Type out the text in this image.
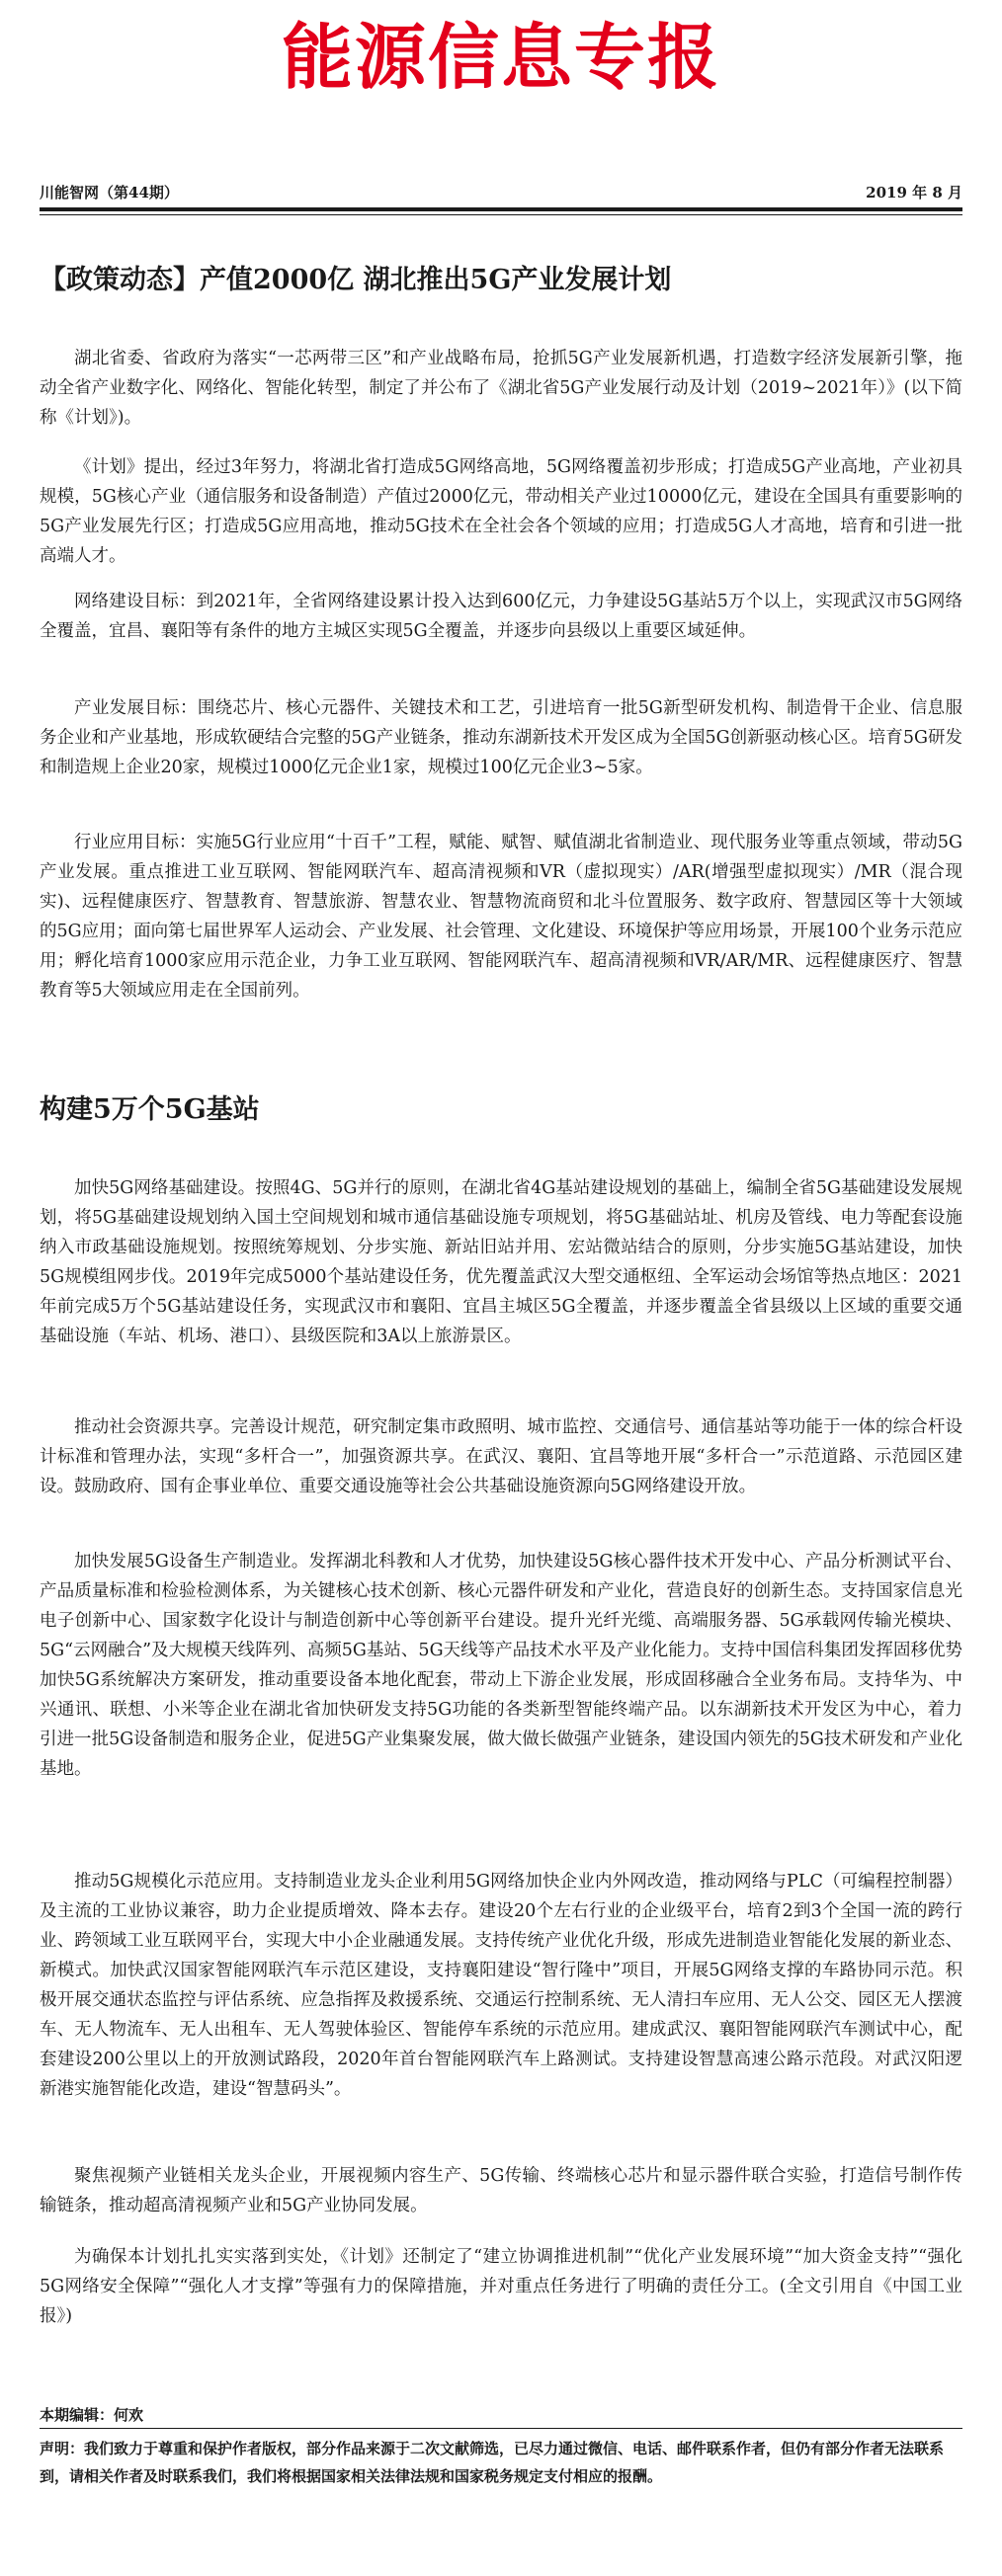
能源信息专报
川能智网（第44期）	2019 年 8 月
【政策动态】产值2000亿 湖北推出5G产业发展计划

湖北省委、省政府为落实“一芯两带三区”和产业战略布局，抢抓5G产业发展新机遇，打造数字经济发展新引擎，拖动全省产业数字化、网络化、智能化转型，制定了并公布了《湖北省5G产业发展行动及计划（2019~2021年）》(以下简称《计划》)。

《计划》提出，经过3年努力，将湖北省打造成5G网络高地，5G网络覆盖初步形成；打造成5G产业高地，产业初具规模，5G核心产业（通信服务和设备制造）产值过2000亿元，带动相关产业过10000亿元，建设在全国具有重要影响的5G产业发展先行区；打造成5G应用高地，推动5G技术在全社会各个领域的应用；打造成5G人才高地，培育和引进一批高端人才。

网络建设目标：到2021年，全省网络建设累计投入达到600亿元，力争建设5G基站5万个以上，实现武汉市5G网络全覆盖，宜昌、襄阳等有条件的地方主城区实现5G全覆盖，并逐步向县级以上重要区域延伸。

产业发展目标：围绕芯片、核心元器件、关键技术和工艺，引进培育一批5G新型研发机构、制造骨干企业、信息服务企业和产业基地，形成软硬结合完整的5G产业链条，推动东湖新技术开发区成为全国5G创新驱动核心区。培育5G研发和制造规上企业20家，规模过1000亿元企业1家，规模过100亿元企业3~5家。

行业应用目标：实施5G行业应用“十百千”工程，赋能、赋智、赋值湖北省制造业、现代服务业等重点领域，带动5G产业发展。重点推进工业互联网、智能网联汽车、超高清视频和VR（虚拟现实）/AR(增强型虚拟现实）/MR（混合现实)、远程健康医疗、智慧教育、智慧旅游、智慧农业、智慧物流商贸和北斗位置服务、数字政府、智慧园区等十大领域的5G应用；面向第七届世界军人运动会、产业发展、社会管理、文化建设、环境保护等应用场景，开展100个业务示范应用；孵化培育1000家应用示范企业，力争工业互联网、智能网联汽车、超高清视频和VR/AR/MR、远程健康医疗、智慧教育等5大领域应用走在全国前列。

构建5万个5G基站

加快5G网络基础建设。按照4G、5G并行的原则，在湖北省4G基站建设规划的基础上，编制全省5G基础建设发展规划，将5G基础建设规划纳入国土空间规划和城市通信基础设施专项规划，将5G基础站址、机房及管线、电力等配套设施纳入市政基础设施规划。按照统筹规划、分步实施、新站旧站并用、宏站微站结合的原则，分步实施5G基站建设，加快5G规模组网步伐。2019年完成5000个基站建设任务，优先覆盖武汉大型交通枢纽、全军运动会场馆等热点地区：2021年前完成5万个5G基站建设任务，实现武汉市和襄阳、宜昌主城区5G全覆盖，并逐步覆盖全省县级以上区域的重要交通基础设施（车站、机场、港口）、县级医院和3A以上旅游景区。

推动社会资源共享。完善设计规范，研究制定集市政照明、城市监控、交通信号、通信基站等功能于一体的综合杆设计标准和管理办法，实现“多杆合一”，加强资源共享。在武汉、襄阳、宜昌等地开展“多杆合一”示范道路、示范园区建设。鼓励政府、国有企事业单位、重要交通设施等社会公共基础设施资源向5G网络建设开放。

加快发展5G设备生产制造业。发挥湖北科教和人才优势，加快建设5G核心器件技术开发中心、产品分析测试平台、产品质量标准和检验检测体系，为关键核心技术创新、核心元器件研发和产业化，营造良好的创新生态。支持国家信息光电子创新中心、国家数字化设计与制造创新中心等创新平台建设。提升光纤光缆、高端服务器、5G承载网传输光模块、5G“云网融合”及大规模天线阵列、高频5G基站、5G天线等产品技术水平及产业化能力。支持中国信科集团发挥固移优势加快5G系统解决方案研发，推动重要设备本地化配套，带动上下游企业发展，形成固移融合全业务布局。支持华为、中兴通讯、联想、小米等企业在湖北省加快研发支持5G功能的各类新型智能终端产品。以东湖新技术开发区为中心，着力引进一批5G设备制造和服务企业，促进5G产业集聚发展，做大做长做强产业链条，建设国内领先的5G技术研发和产业化基地。

推动5G规模化示范应用。支持制造业龙头企业利用5G网络加快企业内外网改造，推动网络与PLC（可编程控制器）及主流的工业协议兼容，助力企业提质增效、降本去存。建设20个左右行业的企业级平台，培育2到3个全国一流的跨行业、跨领域工业互联网平台，实现大中小企业融通发展。支持传统产业优化升级，形成先进制造业智能化发展的新业态、新模式。加快武汉国家智能网联汽车示范区建设，支持襄阳建设“智行隆中”项目，开展5G网络支撑的车路协同示范。积极开展交通状态监控与评估系统、应急指挥及救援系统、交通运行控制系统、无人清扫车应用、无人公交、园区无人摆渡车、无人物流车、无人出租车、无人驾驶体验区、智能停车系统的示范应用。建成武汉、襄阳智能网联汽车测试中心，配套建设200公里以上的开放测试路段，2020年首台智能网联汽车上路测试。支持建设智慧高速公路示范段。对武汉阳逻新港实施智能化改造，建设“智慧码头”。

聚焦视频产业链相关龙头企业，开展视频内容生产、5G传输、终端核心芯片和显示器件联合实验，打造信号制作传输链条，推动超高清视频产业和5G产业协同发展。

为确保本计划扎扎实实落到实处，《计划》还制定了“建立协调推进机制”“优化产业发展环境”“加大资金支持”“强化5G网络安全保障”“强化人才支撑”等强有力的保障措施，并对重点任务进行了明确的责任分工。(全文引用自《中国工业报》)

本期编辑：何欢

声明：我们致力于尊重和保护作者版权，部分作品来源于二次文献筛选，已尽力通过微信、电话、邮件联系作者，但仍有部分作者无法联系到，请相关作者及时联系我们，我们将根据国家相关法律法规和国家税务规定支付相应的报酬。
